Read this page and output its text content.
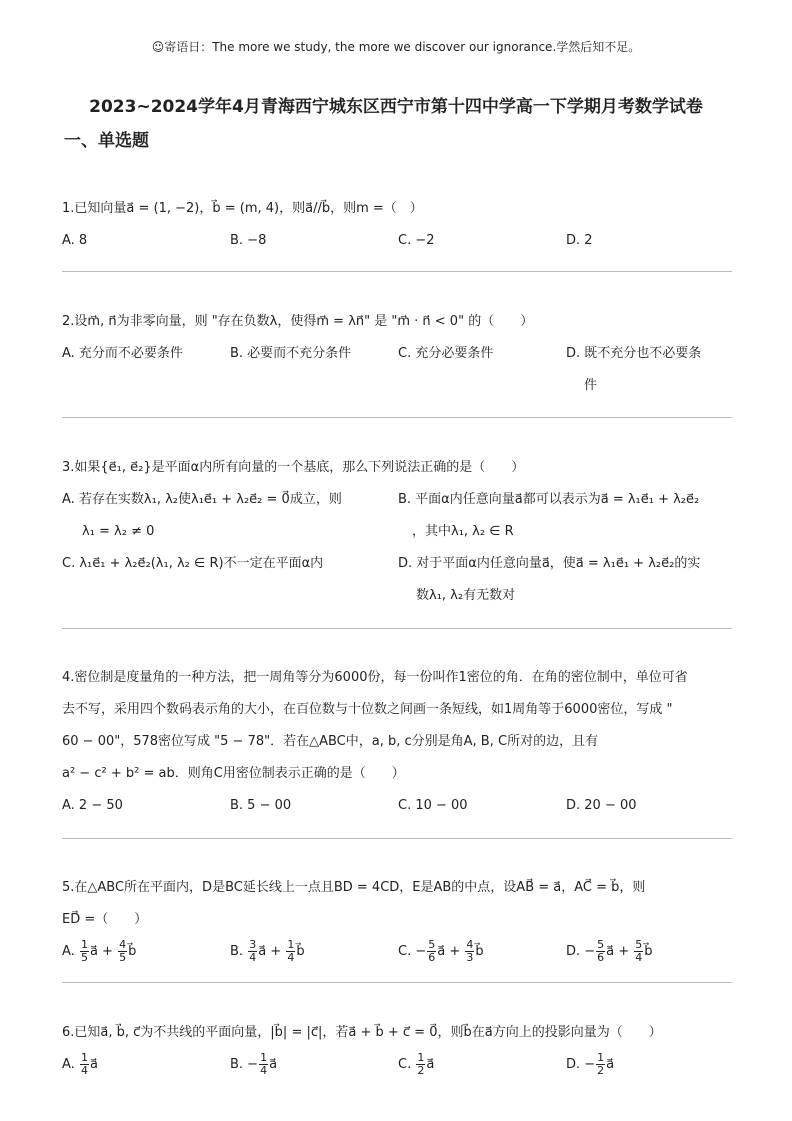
☺寄语日：The more we study, the more we discover our ignorance.学然后知不足。
2023~2024学年4月青海西宁城东区西宁市第十四中学高一下学期月考数学试卷
一、单选题
1.已知向量a⃗ = (1, −2)，b⃗ = (m, 4)，则a⃗//b⃗，则m =（　）
A. 8	B. −8	C. −2	D. 2
2.设m⃗, n⃗为非零向量，则 "存在负数λ，使得m⃗ = λn⃗" 是 "m⃗ · n⃗ < 0" 的（　　）
A. 充分而不必要条件	B. 必要而不充分条件	C. 充分必要条件	D. 既不充分也不必要条
件
3.如果{e⃗₁, e⃗₂}是平面α内所有向量的一个基底，那么下列说法正确的是（　　）
A. 若存在实数λ₁, λ₂使λ₁e⃗₁ + λ₂e⃗₂ = 0⃗成立，则	B. 平面α内任意向量a⃗都可以表示为a⃗ = λ₁e⃗₁ + λ₂e⃗₂
λ₁ = λ₂ ≠ 0	，其中λ₁, λ₂ ∈ R
C. λ₁e⃗₁ + λ₂e⃗₂(λ₁, λ₂ ∈ R)不一定在平面α内	D. 对于平面α内任意向量a⃗，使a⃗ = λ₁e⃗₁ + λ₂e⃗₂的实
数λ₁, λ₂有无数对
4.密位制是度量角的一种方法，把一周角等分为6000份，每一份叫作1密位的角．在角的密位制中，单位可省
去不写，采用四个数码表示角的大小，在百位数与十位数之间画一条短线，如1周角等于6000密位，写成 "
60 − 00"，578密位写成 "5 − 78"．若在△ABC中，a, b, c分别是角A, B, C所对的边，且有
a² − c² + b² = ab．则角C用密位制表示正确的是（　　）
A. 2 − 50	B. 5 − 00	C. 10 − 00	D. 20 − 00
5.在△ABC所在平面内，D是BC延长线上一点且BD = 4CD，E是AB的中点，设AB⃗ = a⃗，AC⃗ = b⃗，则
ED⃗ =（　　）
A. $\frac{1}{5}$ a⃗ + $\frac{4}{5}$ b⃗	B. $\frac{3}{4}$ a⃗ + $\frac{1}{4}$ b⃗	C. − $\frac{5}{6}$ a⃗ + $\frac{4}{3}$ b⃗	D. − $\frac{5}{6}$ a⃗ + $\frac{5}{4}$ b⃗
6.已知a⃗, b⃗, c⃗为不共线的平面向量，|b⃗| = |c⃗|，若a⃗ + b⃗ + c⃗ = 0⃗，则b⃗在a⃗方向上的投影向量为（　　）
A. $\frac{1}{4}$ a⃗	B. − $\frac{1}{4}$ a⃗	C. $\frac{1}{2}$ a⃗	D. − $\frac{1}{2}$ a⃗
